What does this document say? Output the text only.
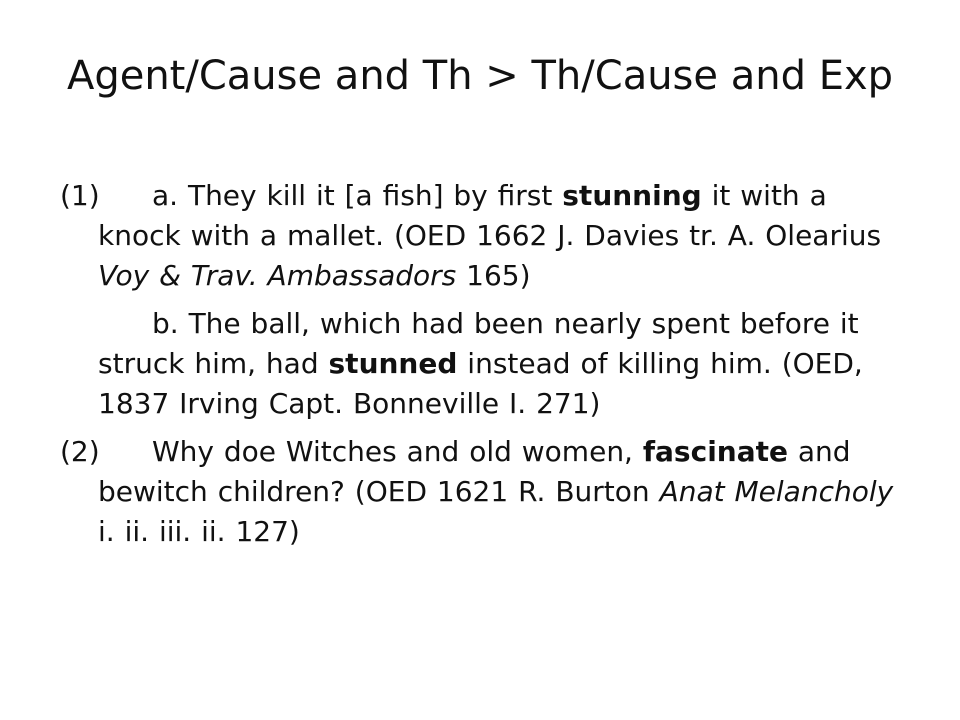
Agent/Cause and Th > Th/Cause and Exp

(1) a. They kill it [a fish] by first stunning it with a knock with a mallet. (OED 1662 J. Davies tr. A. Olearius Voy & Trav. Ambassadors 165)

b. The ball, which had been nearly spent before it struck him, had stunned instead of killing him. (OED, 1837 Irving Capt. Bonneville I. 271)

(2) Why doe Witches and old women, fascinate and bewitch children? (OED 1621 R. Burton Anat Melancholy i. ii. iii. ii. 127)
